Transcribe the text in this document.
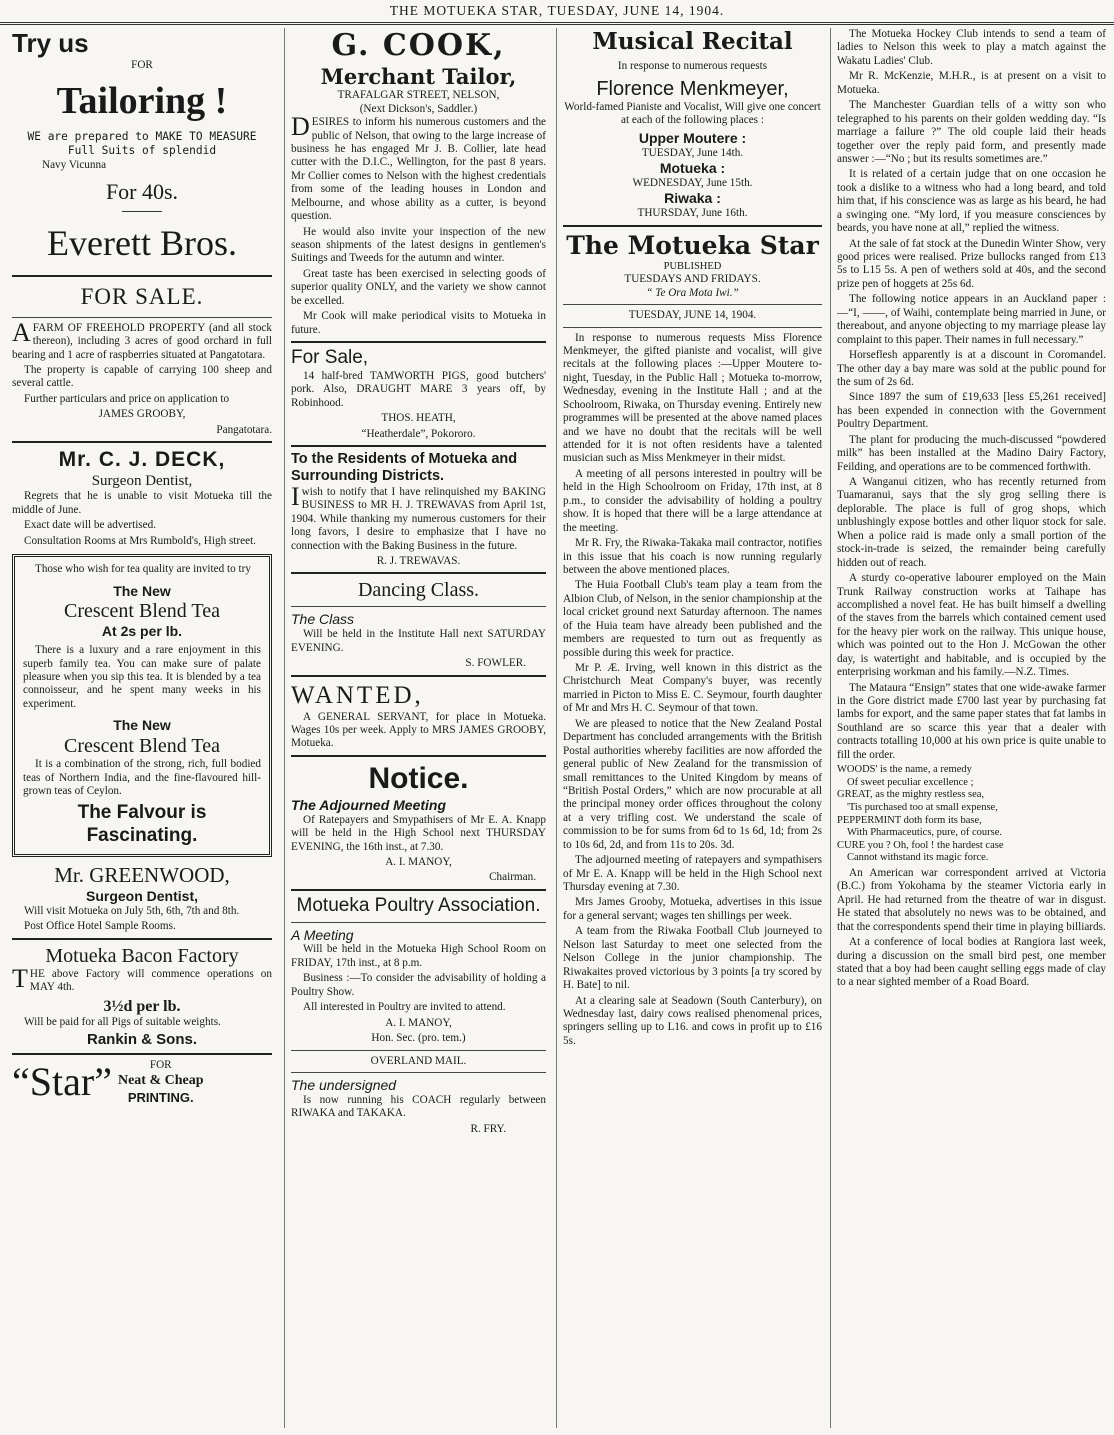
THE MOTUEKA STAR, TUESDAY, JUNE 14, 1904.
Try us
FOR
Tailoring !

WE are prepared to MAKE TO MEASURE Full Suits of splendid

Navy Vicunna

For 40s.
Everett Bros.
FOR SALE.

AFARM OF FREEHOLD PROPERTY (and all stock thereon), including 3 acres of good orchard in full bearing and 1 acre of raspberries situated at Pangatotara.

The property is capable of carrying 100 sheep and several cattle.

Further particulars and price on application to

JAMES GROOBY,

Pangatotara.

Mr. C. J. DECK,
Surgeon Dentist,

Regrets that he is unable to visit Motueka till the middle of June.

Exact date will be advertised.

Consultation Rooms at Mrs Rumbold's, High street.

Those who wish for tea quality are invited to try

The New
Crescent Blend Tea
At 2s per lb.

There is a luxury and a rare enjoyment in this superb family tea. You can make sure of palate pleasure when you sip this tea. It is blended by a tea connoisseur, and he spent many weeks in his experiment.

The New
Crescent Blend Tea

It is a combination of the strong, rich, full bodied teas of Northern India, and the fine-flavoured hill-grown teas of Ceylon.

The Falvour is Fascinating.
Mr. GREENWOOD,
Surgeon Dentist,

Will visit Motueka on July 5th, 6th, 7th and 8th.

Post Office Hotel Sample Rooms.

Motueka Bacon Factory

THE above Factory will commence operations on MAY 4th.

3½d per lb.

Will be paid for all Pigs of suitable weights.

Rankin & Sons.
“Star”	FOR
Neat & Cheap
PRINTING.
G. COOK,
Merchant Tailor,
TRAFALGAR STREET, NELSON,
(Next Dickson's, Saddler.)

DESIRES to inform his numerous customers and the public of Nelson, that owing to the large increase of business he has engaged Mr J. B. Collier, late head cutter with the D.I.C., Wellington, for the past 8 years. Mr Collier comes to Nelson with the highest credentials from some of the leading houses in London and Melbourne, and whose ability as a cutter, is beyond question.

He would also invite your inspection of the new season shipments of the latest designs in gentlemen's Suitings and Tweeds for the autumn and winter.

Great taste has been exercised in selecting goods of superior quality ONLY, and the variety we show cannot be excelled.

Mr Cook will make periodical visits to Motueka in future.

For Sale,

14 half-bred TAMWORTH PIGS, good butchers' pork. Also, DRAUGHT MARE 3 years off, by Robinhood.

THOS. HEATH,

“Heatherdale”, Pokororo.

To the Residents of Motueka and Surrounding Districts.

Iwish to notify that I have relinquished my BAKING BUSINESS to MR H. J. TREWAVAS from April 1st, 1904. While thanking my numerous customers for their long favors, I desire to emphasize that I have no connection with the Baking Business in the future.

R. J. TREWAVAS.

Dancing Class.
The Class

Will be held in the Institute Hall next SATURDAY EVENING.

S. FOWLER.

WANTED,

A GENERAL SERVANT, for place in Motueka. Wages 10s per week. Apply to MRS JAMES GROOBY, Motueka.

Notice.
The Adjourned Meeting

Of Ratepayers and Smypathisers of Mr E. A. Knapp will be held in the High School next THURSDAY EVENING, the 16th inst., at 7.30.

A. I. MANOY,

Chairman.

Motueka Poultry Association.
A Meeting

Will be held in the Motueka High School Room on FRIDAY, 17th inst., at 8 p.m.

Business :—To consider the advisability of holding a Poultry Show.

All interested in Poultry are invited to attend.

A. I. MANOY,

Hon. Sec. (pro. tem.)

OVERLAND MAIL.
The undersigned

Is now running his COACH regularly between RIWAKA and TAKAKA.

R. FRY.

Musical Recital
In response to numerous requests
Florence Menkmeyer,

World-famed Pianiste and Vocalist, Will give one concert at each of the following places :

Upper Moutere :
TUESDAY, June 14th.
Motueka :
WEDNESDAY, June 15th.
Riwaka :
THURSDAY, June 16th.
The Motueka Star
PUBLISHED
TUESDAYS AND FRIDAYS.
“ Te Ora Mota Iwi.”
TUESDAY, JUNE 14, 1904.

In response to numerous requests Miss Florence Menkmeyer, the gifted pianiste and vocalist, will give recitals at the following places :—Upper Moutere to-night, Tuesday, in the Public Hall ; Motueka to-morrow, Wednesday, evening in the Institute Hall ; and at the Schoolroom, Riwaka, on Thursday evening. Entirely new programmes will be presented at the above named places and we have no doubt that the recitals will be well attended for it is not often residents have a talented musician such as Miss Menkmeyer in their midst.

A meeting of all persons interested in poultry will be held in the High Schoolroom on Friday, 17th inst, at 8 p.m., to consider the advisability of holding a poultry show. It is hoped that there will be a large attendance at the meeting.

Mr R. Fry, the Riwaka-Takaka mail contractor, notifies in this issue that his coach is now running regularly between the above mentioned places.

The Huia Football Club's team play a team from the Albion Club, of Nelson, in the senior championship at the local cricket ground next Saturday afternoon. The names of the Huia team have already been published and the members are requested to turn out as frequently as possible during this week for practice.

Mr P. Æ. Irving, well known in this district as the Christchurch Meat Company's buyer, was recently married in Picton to Miss E. C. Seymour, fourth daughter of Mr and Mrs H. C. Seymour of that town.

We are pleased to notice that the New Zealand Postal Department has concluded arrangements with the British Postal authorities whereby facilities are now afforded the general public of New Zealand for the transmission of small remittances to the United Kingdom by means of “British Postal Orders,” which are now procurable at all the principal money order offices throughout the colony at a very trifling cost. We understand the scale of commission to be for sums from 6d to 1s 6d, 1d; from 2s to 10s 6d, 2d, and from 11s to 20s. 3d.

The adjourned meeting of ratepayers and sympathisers of Mr E. A. Knapp will be held in the High School next Thursday evening at 7.30.

Mrs James Grooby, Motueka, advertises in this issue for a general servant; wages ten shillings per week.

A team from the Riwaka Football Club journeyed to Nelson last Saturday to meet one selected from the Nelson College in the junior championship. The Riwakaites proved victorious by 3 points [a try scored by H. Bate] to nil.

At a clearing sale at Seadown (South Canterbury), on Wednesday last, dairy cows realised phenomenal prices, springers selling up to L16. and cows in profit up to £16 5s.

The Motueka Hockey Club intends to send a team of ladies to Nelson this week to play a match against the Wakatu Ladies' Club.

Mr R. McKenzie, M.H.R., is at present on a visit to Motueka.

The Manchester Guardian tells of a witty son who telegraphed to his parents on their golden wedding day. “Is marriage a failure ?” The old couple laid their heads together over the reply paid form, and presently made answer :—“No ; but its results sometimes are.”

It is related of a certain judge that on one occasion he took a dislike to a witness who had a long beard, and told him that, if his conscience was as large as his beard, he had a swinging one. “My lord, if you measure consciences by beards, you have none at all,” replied the witness.

At the sale of fat stock at the Dunedin Winter Show, very good prices were realised. Prize bullocks ranged from £13 5s to L15 5s. A pen of wethers sold at 40s, and the second prize pen of hoggets at 25s 6d.

The following notice appears in an Auckland paper :—“I, ——, of Waihi, contemplate being married in June, or thereabout, and anyone objecting to my marriage please lay complaint to this paper. Their names in full necessary.”

Horseflesh apparently is at a discount in Coromandel. The other day a bay mare was sold at the public pound for the sum of 2s 6d.

Since 1897 the sum of £19,633 [less £5,261 received] has been expended in connection with the Government Poultry Department.

The plant for producing the much-discussed “powdered milk” has been installed at the Madino Dairy Factory, Feilding, and operations are to be commenced forthwith.

A Wanganui citizen, who has recently returned from Tuamaranui, says that the sly grog selling there is deplorable. The place is full of grog shops, which unblushingly expose bottles and other liquor stock for sale. When a police raid is made only a small portion of the stock-in-trade is seized, the remainder being carefully hidden out of reach.

A sturdy co-operative labourer employed on the Main Trunk Railway construction works at Taihape has accomplished a novel feat. He has built himself a dwelling of the staves from the barrels which contained cement used for the heavy pier work on the railway. This unique house, which was pointed out to the Hon J. McGowan the other day, is watertight and habitable, and is occupied by the enterprising workman and his family.—N.Z. Times.

The Mataura “Ensign” states that one wide-awake farmer in the Gore district made £700 last year by purchasing fat lambs for export, and the same paper states that fat lambs in Southland are so scarce this year that a dealer with contracts totalling 10,000 at his own price is quite unable to fill the order.

WOODS' is the name, a remedy
Of sweet peculiar excellence ;
GREAT, as the mighty restless sea,
'Tis purchased too at small expense,
PEPPERMINT doth form its base,
With Pharmaceutics, pure, of course.
CURE you ? Oh, fool ! the hardest case
Cannot withstand its magic force.

An American war correspondent arrived at Victoria (B.C.) from Yokohama by the steamer Victoria early in April. He had returned from the theatre of war in disgust. He stated that absolutely no news was to be obtained, and that the correspondents spend their time in playing billiards.

At a conference of local bodies at Rangiora last week, during a discussion on the small bird pest, one member stated that a boy had been caught selling eggs made of clay to a near sighted member of a Road Board.
